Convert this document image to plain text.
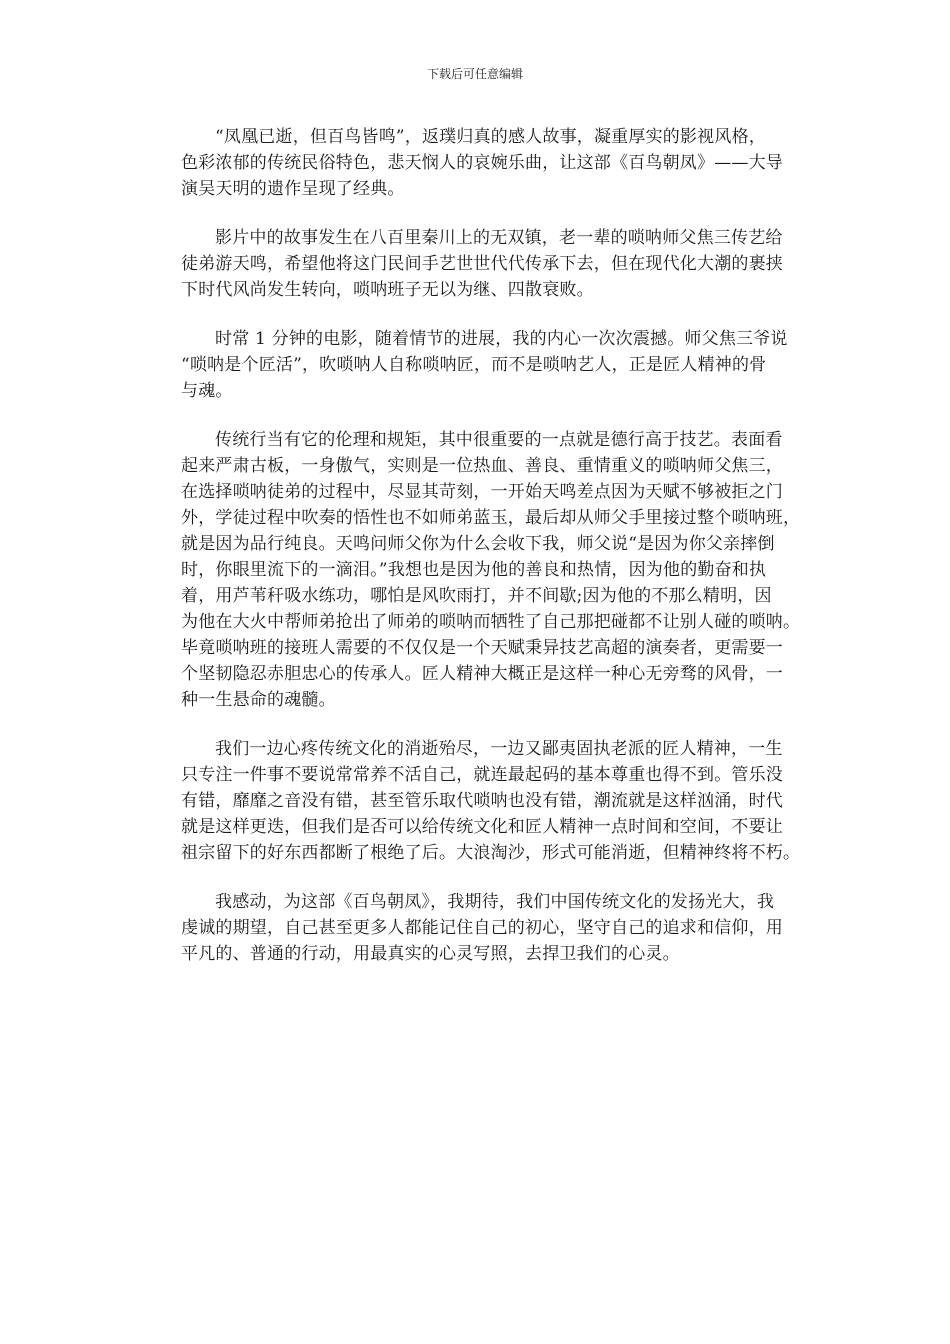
下载后可任意编辑
“凤凰已逝，但百鸟皆鸣”，返璞归真的感人故事，凝重厚实的影视风格，
色彩浓郁的传统民俗特色，悲天悯人的哀婉乐曲，让这部《百鸟朝凤》——大导
演吴天明的遗作呈现了经典。
影片中的故事发生在八百里秦川上的无双镇，老一辈的唢呐师父焦三传艺给
徒弟游天鸣，希望他将这门民间手艺世世代代传承下去，但在现代化大潮的裹挟
下时代风尚发生转向，唢呐班子无以为继、四散衰败。
时常 1 分钟的电影，随着情节的进展，我的内心一次次震撼。师父焦三爷说
“唢呐是个匠活”，吹唢呐人自称唢呐匠，而不是唢呐艺人，正是匠人精神的骨
与魂。
传统行当有它的伦理和规矩，其中很重要的一点就是德行高于技艺。表面看
起来严肃古板，一身傲气，实则是一位热血、善良、重情重义的唢呐师父焦三，
在选择唢呐徒弟的过程中，尽显其苛刻，一开始天鸣差点因为天赋不够被拒之门
外，学徒过程中吹奏的悟性也不如师弟蓝玉，最后却从师父手里接过整个唢呐班，
就是因为品行纯良。天鸣问师父你为什么会收下我，师父说“是因为你父亲摔倒
时，你眼里流下的一滴泪。”我想也是因为他的善良和热情，因为他的勤奋和执
着，用芦苇秆吸水练功，哪怕是风吹雨打，并不间歇;因为他的不那么精明，因
为他在大火中帮师弟抢出了师弟的唢呐而牺牲了自己那把碰都不让别人碰的唢呐。
毕竟唢呐班的接班人需要的不仅仅是一个天赋秉异技艺高超的演奏者，更需要一
个坚韧隐忍赤胆忠心的传承人。匠人精神大概正是这样一种心无旁骛的风骨，一
种一生悬命的魂髓。
我们一边心疼传统文化的消逝殆尽，一边又鄙夷固执老派的匠人精神，一生
只专注一件事不要说常常养不活自己，就连最起码的基本尊重也得不到。管乐没
有错，靡靡之音没有错，甚至管乐取代唢呐也没有错，潮流就是这样汹涌，时代
就是这样更迭，但我们是否可以给传统文化和匠人精神一点时间和空间，不要让
祖宗留下的好东西都断了根绝了后。大浪淘沙，形式可能消逝，但精神终将不朽。
我感动，为这部《百鸟朝凤》，我期待，我们中国传统文化的发扬光大，我
虔诚的期望，自己甚至更多人都能记住自己的初心，坚守自己的追求和信仰，用
平凡的、普通的行动，用最真实的心灵写照，去捍卫我们的心灵。
